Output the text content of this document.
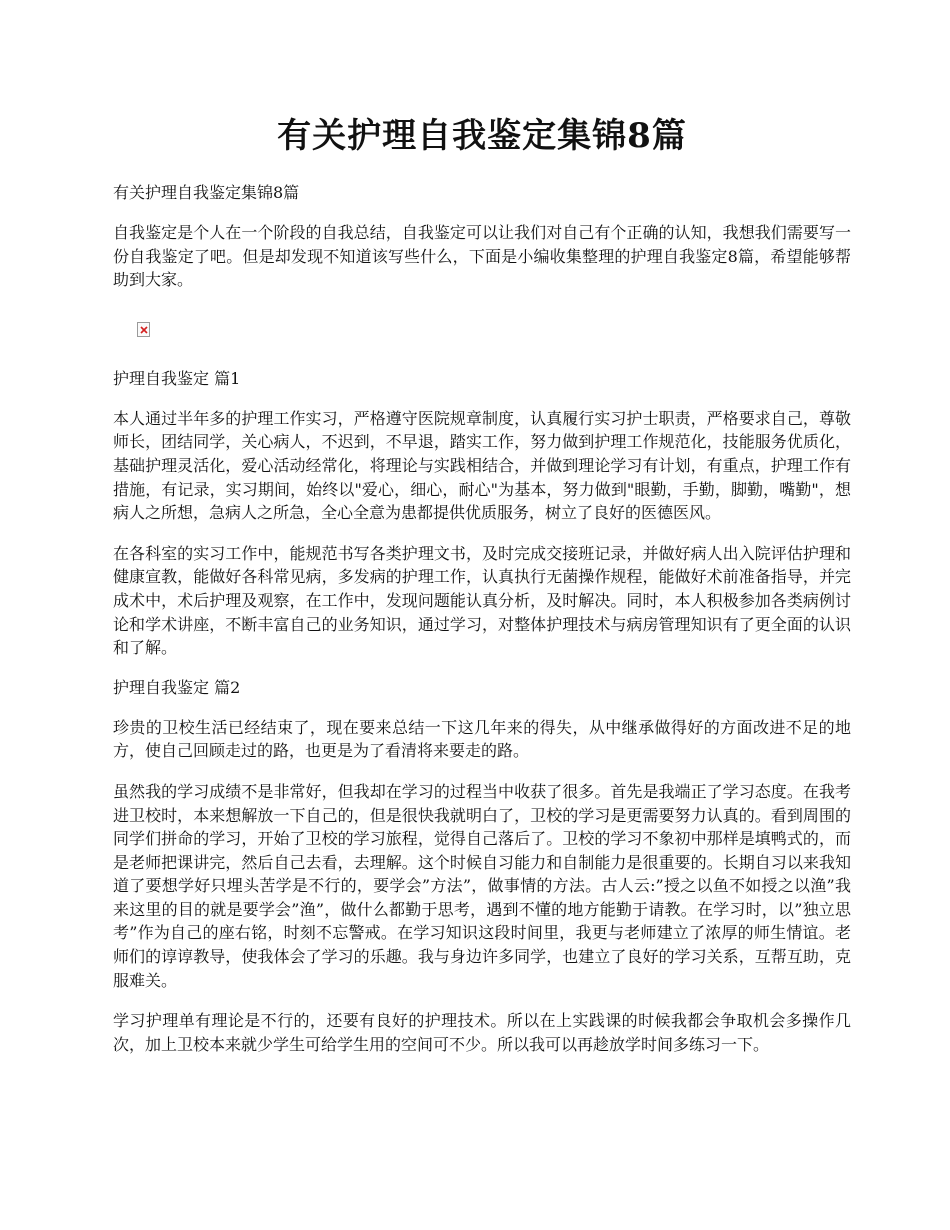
有关护理自我鉴定集锦8篇
有关护理自我鉴定集锦8篇

自我鉴定是个人在一个阶段的自我总结，自我鉴定可以让我们对自己有个正确的认知，我想我们需要写一份自我鉴定了吧。但是却发现不知道该写些什么，下面是小编收集整理的护理自我鉴定8篇，希望能够帮助到大家。

护理自我鉴定 篇1

本人通过半年多的护理工作实习，严格遵守医院规章制度，认真履行实习护士职责，严格要求自己，尊敬师长，团结同学，关心病人，不迟到，不早退，踏实工作，努力做到护理工作规范化，技能服务优质化，基础护理灵活化，爱心活动经常化，将理论与实践相结合，并做到理论学习有计划，有重点，护理工作有措施，有记录，实习期间，始终以"爱心，细心，耐心"为基本，努力做到"眼勤，手勤，脚勤，嘴勤"，想病人之所想，急病人之所急，全心全意为患都提供优质服务，树立了良好的医德医风。

在各科室的实习工作中，能规范书写各类护理文书，及时完成交接班记录，并做好病人出入院评估护理和健康宣教，能做好各科常见病，多发病的护理工作，认真执行无菌操作规程，能做好术前准备指导，并完成术中，术后护理及观察，在工作中，发现问题能认真分析，及时解决。同时，本人积极参加各类病例讨论和学术讲座，不断丰富自己的业务知识，通过学习，对整体护理技术与病房管理知识有了更全面的认识和了解。

护理自我鉴定 篇2

珍贵的卫校生活已经结束了，现在要来总结一下这几年来的得失，从中继承做得好的方面改进不足的地方，使自己回顾走过的路，也更是为了看清将来要走的路。

虽然我的学习成绩不是非常好，但我却在学习的过程当中收获了很多。首先是我端正了学习态度。在我考进卫校时，本来想解放一下自己的，但是很快我就明白了，卫校的学习是更需要努力认真的。看到周围的同学们拼命的学习，开始了卫校的学习旅程，觉得自己落后了。卫校的学习不象初中那样是填鸭式的，而是老师把课讲完，然后自己去看，去理解。这个时候自习能力和自制能力是很重要的。长期自习以来我知道了要想学好只埋头苦学是不行的，要学会”方法”，做事情的方法。古人云:”授之以鱼不如授之以渔”我来这里的目的就是要学会”渔”，做什么都勤于思考，遇到不懂的地方能勤于请教。在学习时，以”独立思考”作为自己的座右铭，时刻不忘警戒。在学习知识这段时间里，我更与老师建立了浓厚的师生情谊。老师们的谆谆教导，使我体会了学习的乐趣。我与身边许多同学，也建立了良好的学习关系，互帮互助，克服难关。

学习护理单有理论是不行的，还要有良好的护理技术。所以在上实践课的时候我都会争取机会多操作几次，加上卫校本来就少学生可给学生用的空间可不少。所以我可以再趁放学时间多练习一下。
